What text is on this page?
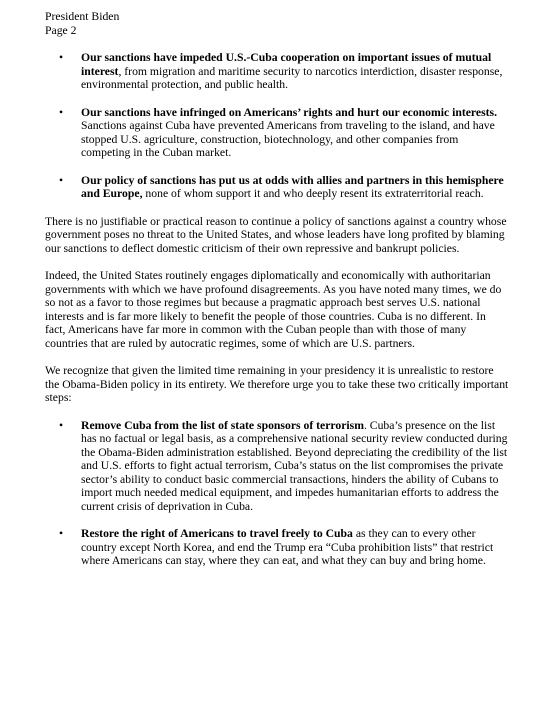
President Biden

Page 2

• Our sanctions have impeded U.S.-Cuba cooperation on important issues of mutual interest, from migration and maritime security to narcotics interdiction, disaster response, environmental protection, and public health.
• Our sanctions have infringed on Americans’ rights and hurt our economic interests. Sanctions against Cuba have prevented Americans from traveling to the island, and have stopped U.S. agriculture, construction, biotechnology, and other companies from competing in the Cuban market.
• Our policy of sanctions has put us at odds with allies and partners in this hemisphere and Europe, none of whom support it and who deeply resent its extraterritorial reach.

There is no justifiable or practical reason to continue a policy of sanctions against a country whose government poses no threat to the United States, and whose leaders have long profited by blaming our sanctions to deflect domestic criticism of their own repressive and bankrupt policies.

Indeed, the United States routinely engages diplomatically and economically with authoritarian governments with which we have profound disagreements. As you have noted many times, we do so not as a favor to those regimes but because a pragmatic approach best serves U.S. national interests and is far more likely to benefit the people of those countries. Cuba is no different. In fact, Americans have far more in common with the Cuban people than with those of many countries that are ruled by autocratic regimes, some of which are U.S. partners.

We recognize that given the limited time remaining in your presidency it is unrealistic to restore the Obama-Biden policy in its entirety. We therefore urge you to take these two critically important steps:

• Remove Cuba from the list of state sponsors of terrorism. Cuba’s presence on the list has no factual or legal basis, as a comprehensive national security review conducted during the Obama-Biden administration established. Beyond depreciating the credibility of the list and U.S. efforts to fight actual terrorism, Cuba’s status on the list compromises the private sector’s ability to conduct basic commercial transactions, hinders the ability of Cubans to import much needed medical equipment, and impedes humanitarian efforts to address the current crisis of deprivation in Cuba.
• Restore the right of Americans to travel freely to Cuba as they can to every other country except North Korea, and end the Trump era “Cuba prohibition lists” that restrict where Americans can stay, where they can eat, and what they can buy and bring home.
